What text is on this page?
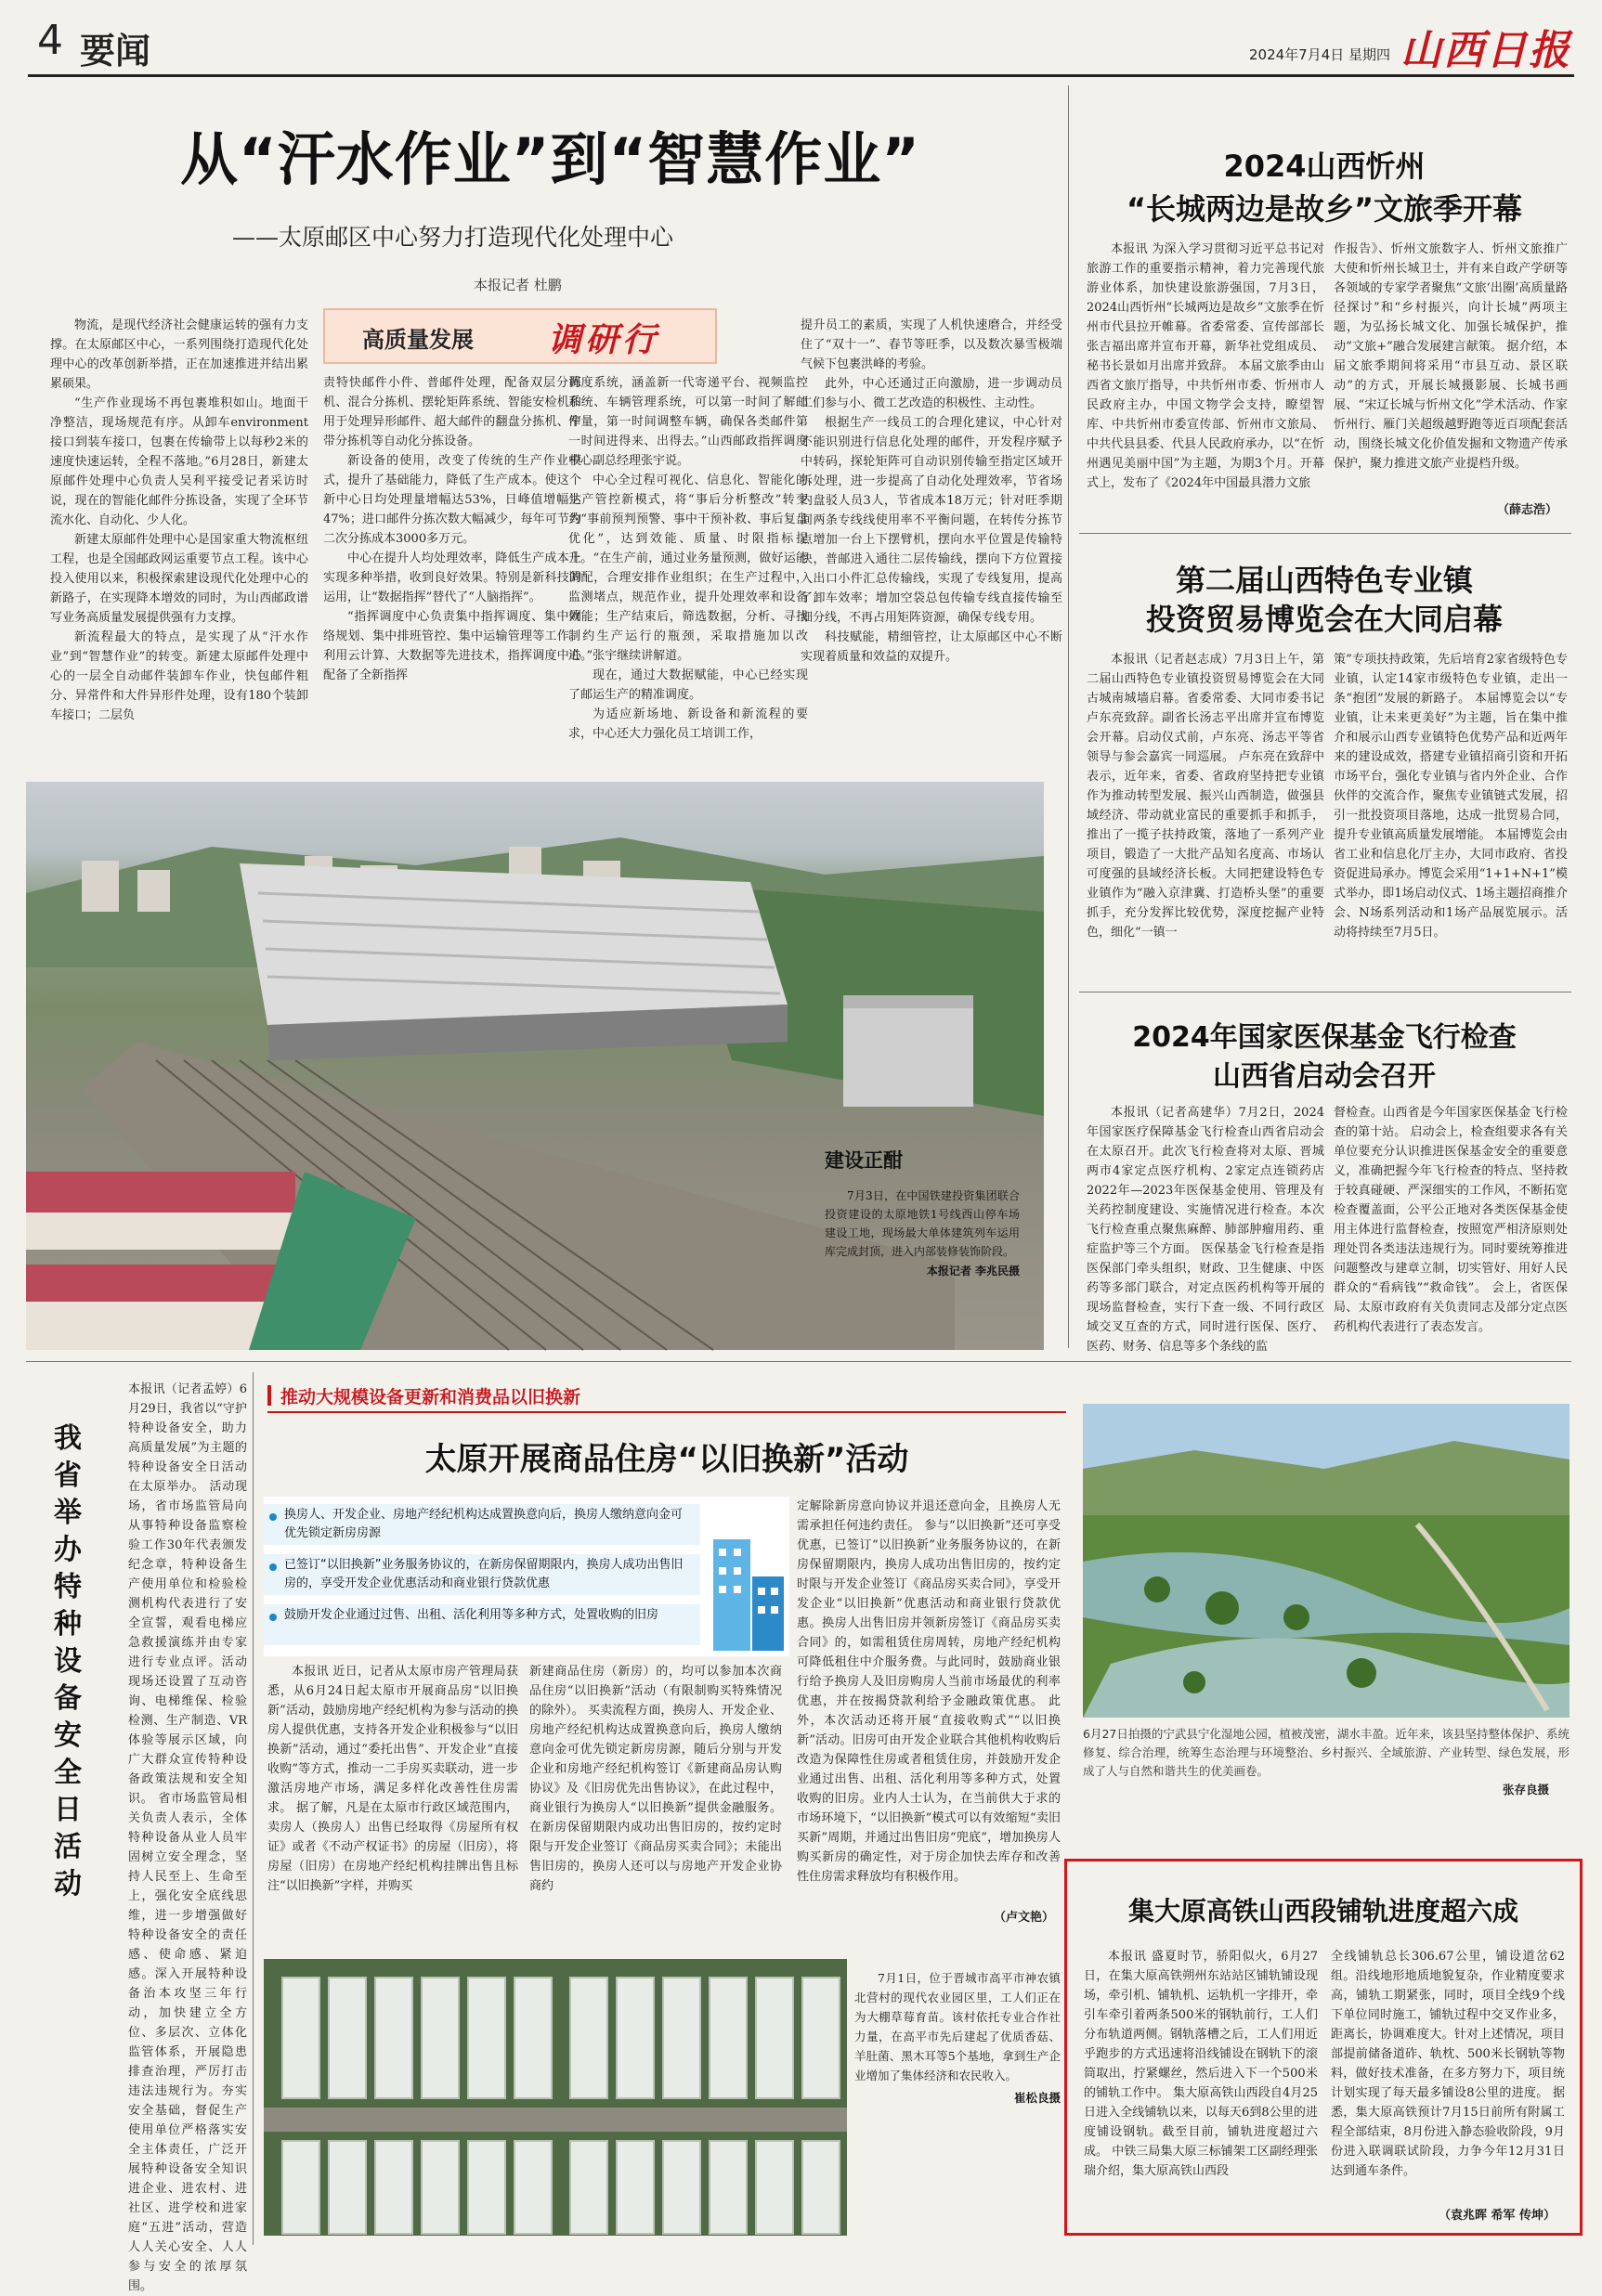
4 要闻	2024年7月4日 星期四 山西日报
从“汗水作业”到“智慧作业”
——太原邮区中心努力打造现代化处理中心
本报记者 杜鹏
高质量发展 调研行

物流，是现代经济社会健康运转的强有力支撑。在太原邮区中心，一系列围绕打造现代化处理中心的改革创新举措，正在加速推进并结出累累硕果。

“生产作业现场不再包裹堆积如山。地面干净整洁，现场规范有序。从卸车environment 接口到装车接口，包裹在传输带上以每秒2米的速度快速运转，全程不落地。”6月28日，新建太原邮件处理中心负责人吴利平接受记者采访时说，现在的智能化邮件分拣设备，实现了全环节流水化、自动化、少人化。

新建太原邮件处理中心是国家重大物流枢纽工程，也是全国邮政网运重要节点工程。该中心投入使用以来，积极探索建设现代化处理中心的新路子，在实现降本增效的同时，为山西邮政谱写业务高质量发展提供强有力支撑。

新流程最大的特点，是实现了从“汗水作业”到“智慧作业”的转变。新建太原邮件处理中心的一层全自动邮件装卸车作业，快包邮件粗分、异常件和大件异形件处理，设有180个装卸车接口；二层负

责特快邮件小件、普邮件处理，配备双层分拣机、混合分拣机、摆轮矩阵系统、智能安检机和用于处理异形邮件、超大邮件的翻盘分拣机、窄带分拣机等自动化分拣设备。

新设备的使用，改变了传统的生产作业模式，提升了基础能力，降低了生产成本。使这个新中心日均处理量增幅达53%，日峰值增幅达47%；进口邮件分拣次数大幅减少，每年可节约二次分拣成本3000多万元。

中心在提升人均处理效率，降低生产成本上实现多种举措，收到良好效果。特别是新科技的运用，让“数据指挥”替代了“人脑指挥”。

“指挥调度中心负责集中指挥调度、集中网络规划、集中排班管控、集中运输管理等工作。利用云计算、大数据等先进技术，指挥调度中心配备了全新指挥

调度系统，涵盖新一代寄递平台、视频监控系统、车辆管理系统，可以第一时间了解邮件量，第一时间调整车辆，确保各类邮件第一时间进得来、出得去。”山西邮政指挥调度中心副总经理张宇说。

中心全过程可视化、信息化、智能化的生产管控新模式，将“事后分析整改”转变为“事前预判预警、事中干预补救、事后复盘优化”，达到效能、质量、时限指标提升。“在生产前，通过业务量预测，做好运能调配，合理安排作业组织；在生产过程中，监测堵点，规范作业，提升处理效率和设备效能；生产结束后，筛选数据，分析、寻找制约生产运行的瓶颈，采取措施加以改进。”张宇继续讲解道。

现在，通过大数据赋能，中心已经实现了邮运生产的精准调度。

为适应新场地、新设备和新流程的要求，中心还大力强化员工培训工作，

提升员工的素质，实现了人机快速磨合，并经受住了“双十一”、春节等旺季，以及数次暴雪极端气候下包裹洪峰的考验。

此外，中心还通过正向激励，进一步调动员工们参与小、微工艺改造的积极性、主动性。

根据生产一线员工的合理化建议，中心针对不能识别进行信息化处理的邮件，开发程序赋予中转码，探轮矩阵可自动识别传输至指定区域开拆处理，进一步提高了自动化处理效率，节省场内盘驳人员3人，节省成本18万元；针对旺季期间两条专线线使用率不平衡问题，在转传分拣节点增加一台上下摆臂机，摆向水平位置是传输特快，普邮进入通往二层传输线，摆向下方位置接入出口小件汇总传输线，实现了专线复用，提高了卸车效率；增加空袋总包传输专线直接传输至细分线，不再占用矩阵资源，确保专线专用。

科技赋能，精细管控，让太原邮区中心不断实现着质量和效益的双提升。

建设正酣
7月3日，在中国铁建投资集团联合投资建设的太原地铁1号线西山停车场建设工地，现场最大单体建筑列车运用库完成封顶，进入内部装修装饰阶段。
本报记者 李兆民摄
2024山西忻州
“长城两边是故乡”文旅季开幕

本报讯 为深入学习贯彻习近平总书记对旅游工作的重要指示精神，着力完善现代旅游业体系，加快建设旅游强国，7月3日，2024山西忻州“长城两边是故乡”文旅季在忻州市代县拉开帷幕。省委常委、宣传部部长张吉福出席并宣布开幕，新华社党组成员、秘书长景如月出席并致辞。 本届文旅季由山西省文旅厅指导，中共忻州市委、忻州市人民政府主办，中国文物学会支持，瞭望智库、中共忻州市委宣传部、忻州市文旅局、中共代县县委、代县人民政府承办，以“在忻州遇见美丽中国”为主题，为期3个月。开幕式上，发布了《2024年中国最具潜力文旅

作报告》、忻州文旅数字人、忻州文旅推广大使和忻州长城卫士，并有来自政产学研等各领域的专家学者聚焦“文旅‘出圈’高质量路径探讨”和“乡村振兴，向计长城”两项主题，为弘扬长城文化、加强长城保护，推动“文旅+”融合发展建言献策。 据介绍，本届文旅季期间将采用“市县互动、景区联动”的方式，开展长城摄影展、长城书画展、“宋辽长城与忻州文化”学术活动、作家忻州行、雁门关超级越野跑等近百项配套活动，围绕长城文化价值发掘和文物遗产传承保护，聚力推进文旅产业提档升级。

（薛志浩）
第二届山西特色专业镇
投资贸易博览会在大同启幕

本报讯（记者赵志成）7月3日上午，第二届山西特色专业镇投资贸易博览会在大同古城南城墙启幕。省委常委、大同市委书记卢东亮致辞。副省长汤志平出席并宣布博览会开幕。启动仪式前，卢东亮、汤志平等省领导与参会嘉宾一同巡展。 卢东亮在致辞中表示，近年来，省委、省政府坚持把专业镇作为推动转型发展、振兴山西制造，做强县域经济、带动就业富民的重要抓手和抓手，推出了一揽子扶持政策，落地了一系列产业项目，锻造了一大批产品知名度高、市场认可度强的县域经济长板。大同把建设特色专业镇作为“融入京津冀、打造桥头堡”的重要抓手，充分发挥比较优势，深度挖掘产业特色，细化“一镇一

策”专项扶持政策，先后培育2家省级特色专业镇，认定14家市级特色专业镇，走出一条“抱团”发展的新路子。 本届博览会以“专业镇，让未来更美好”为主题，旨在集中推介和展示山西专业镇特色优势产品和近两年来的建设成效，搭建专业镇招商引资和开拓市场平台，强化专业镇与省内外企业、合作伙伴的交流合作，聚焦专业镇链式发展，招引一批投资项目落地，达成一批贸易合同，提升专业镇高质量发展增能。 本届博览会由省工业和信息化厅主办，大同市政府、省投资促进局承办。博览会采用“1+1+N+1”模式举办，即1场启动仪式、1场主题招商推介会、N场系列活动和1场产品展览展示。活动将持续至7月5日。

2024年国家医保基金飞行检查
山西省启动会召开

本报讯（记者高建华）7月2日，2024年国家医疗保障基金飞行检查山西省启动会在太原召开。此次飞行检查将对太原、晋城两市4家定点医疗机构、2家定点连锁药店2022年—2023年医保基金使用、管理及有关药控制度建设、实施情况进行检查。本次飞行检查重点聚焦麻醉、肺部肿瘤用药、重症监护等三个方面。 医保基金飞行检查是指医保部门牵头组织，财政、卫生健康、中医药等多部门联合，对定点医药机构等开展的现场监督检查，实行下查一级、不同行政区域交叉互查的方式，同时进行医保、医疗、医药、财务、信息等多个条线的监

督检查。山西省是今年国家医保基金飞行检查的第十站。 启动会上，检查组要求各有关单位要充分认识推进医保基金安全的重要意义，准确把握今年飞行检查的特点、坚持救于较真碰硬、严深细实的工作风，不断拓宽检查覆盖面，公平公正地对各类医保基金使用主体进行监督检查，按照宽严相济原则处理处罚各类违法违规行为。同时要统筹推进问题整改与建章立制，切实管好、用好人民群众的“看病钱”“救命钱”。 会上，省医保局、太原市政府有关负责同志及部分定点医药机构代表进行了表态发言。

我省举办特种设备安全日活动

本报讯（记者孟婷）6月29日，我省以“守护特种设备安全，助力高质量发展”为主题的特种设备安全日活动在太原举办。 活动现场，省市场监管局向从事特种设备监察检验工作30年代表颁发纪念章，特种设备生产使用单位和检验检测机构代表进行了安全宣誓，观看电梯应急救援演练并由专家进行专业点评。活动现场还设置了互动咨询、电梯维保、检验检测、生产制造、VR体验等展示区域，向广大群众宣传特种设备政策法规和安全知识。 省市场监管局相关负责人表示，全体特种设备从业人员牢固树立安全理念，坚持人民至上、生命至上，强化安全底线思维，进一步增强做好特种设备安全的责任感、使命感、紧迫感。深入开展特种设备治本攻坚三年行动，加快建立全方位、多层次、立体化监管体系，开展隐患排查治理，严厉打击违法违规行为。夯实安全基础，督促生产使用单位严格落实安全主体责任，广泛开展特种设备安全知识进企业、进农村、进社区、进学校和进家庭“五进”活动，营造人人关心安全、人人参与安全的浓厚氛围。

推动大规模设备更新和消费品以旧换新
太原开展商品住房“以旧换新”活动
换房人、开发企业、房地产经纪机构达成置换意向后，换房人缴纳意向金可优先锁定新房房源
已签订“以旧换新”业务服务协议的，在新房保留期限内，换房人成功出售旧房的，享受开发企业优惠活动和商业银行贷款优惠
鼓励开发企业通过过售、出租、活化利用等多种方式，处置收购的旧房

本报讯 近日，记者从太原市房产管理局获悉，从6月24日起太原市开展商品房“以旧换新”活动，鼓励房地产经纪机构为参与活动的换房人提供优惠，支持各开发企业积极参与“以旧换新”活动，通过“委托出售”、开发企业“直接收购”等方式，推动一二手房买卖联动，进一步激活房地产市场，满足多样化改善性住房需求。 据了解，凡是在太原市行政区域范围内，卖房人（换房人）出售已经取得《房屋所有权证》或者《不动产权证书》的房屋（旧房），将房屋（旧房）在房地产经纪机构挂牌出售且标注“以旧换新”字样，并购买

新建商品住房（新房）的，均可以参加本次商品住房“以旧换新”活动（有限制购买特殊情况的除外）。 买卖流程方面，换房人、开发企业、房地产经纪机构达成置换意向后，换房人缴纳意向金可优先锁定新房房源，随后分别与开发企业和房地产经纪机构签订《新建商品房认购协议》及《旧房优先出售协议》，在此过程中，商业银行为换房人“以旧换新”提供金融服务。在新房保留期限内成功出售旧房的，按约定时限与开发企业签订《商品房买卖合同》；未能出售旧房的，换房人还可以与房地产开发企业协商约

定解除新房意向协议并退还意向金，且换房人无需承担任何违约责任。 参与“以旧换新”还可享受优惠，已签订“以旧换新”业务服务协议的，在新房保留期限内，换房人成功出售旧房的，按约定时限与开发企业签订《商品房买卖合同》，享受开发企业“以旧换新”优惠活动和商业银行贷款优惠。换房人出售旧房并领新房签订《商品房买卖合同》的，如需租赁住房周转，房地产经纪机构可降低租住中介服务费。与此同时，鼓励商业银行给予换房人及旧房购房人当前市场最优的利率优惠，并在按揭贷款利给予金融政策优惠。 此外，本次活动还将开展“直接收购式”“以旧换新”活动。旧房可由开发企业联合其他机构收购后改造为保障性住房或者租赁住房，并鼓励开发企业通过出售、出租、活化利用等多种方式，处置收购的旧房。业内人士认为，在当前供大于求的市场环境下，“以旧换新”模式可以有效缩短“卖旧买新”周期，并通过出售旧房“兜底”，增加换房人购买新房的确定性，对于房企加快去库存和改善性住房需求释放均有积极作用。

（卢文艳）
7月1日，位于晋城市高平市神农镇北营村的现代农业园区里，工人们正在为大棚草莓育苗。该村依托专业合作社力量，在高平市先后建起了优质香菇、羊肚菌、黑木耳等5个基地，拿到生产企业增加了集体经济和农民收入。
崔松良摄
6月27日拍摄的宁武县宁化湿地公园，植被茂密，湖水丰盈。近年来，该县坚持整体保护、系统修复、综合治理，统筹生态治理与环境整治、乡村振兴、全域旅游、产业转型、绿色发展，形成了人与自然和谐共生的优美画卷。
张存良摄
集大原高铁山西段铺轨进度超六成

本报讯 盛夏时节，骄阳似火，6月27日，在集大原高铁朔州东站站区铺轨铺设现场，牵引机、铺轨机、运轨机一字排开，牵引车牵引着两条500米的钢轨前行，工人们分布轨道两侧。钢轨落槽之后，工人们用近乎跑步的方式迅速将沿线铺设在钢轨下的滚筒取出，拧紧螺丝，然后进入下一个500米的铺轨工作中。 集大原高铁山西段自4月25日进入全线铺轨以来，以每天6到8公里的进度铺设钢轨。截至目前，铺轨进度超过六成。 中铁三局集大原三标铺架工区副经理张瑞介绍，集大原高铁山西段

全线铺轨总长306.67公里，铺设道岔62组。沿线地形地质地貌复杂，作业精度要求高，铺轨工期紧张，同时，项目全线9个线下单位同时施工，铺轨过程中交叉作业多，距离长，协调难度大。针对上述情况，项目部提前储备道砟、轨枕、500米长钢轨等物料，做好技术准备，在多方努力下，项目统计划实现了每天最多铺设8公里的进度。 据悉，集大原高铁预计7月15日前所有附属工程全部结束，8月份进入静态验收阶段，9月份进入联调联试阶段，力争今年12月31日达到通车条件。

（袁兆晖 希军 传坤）
